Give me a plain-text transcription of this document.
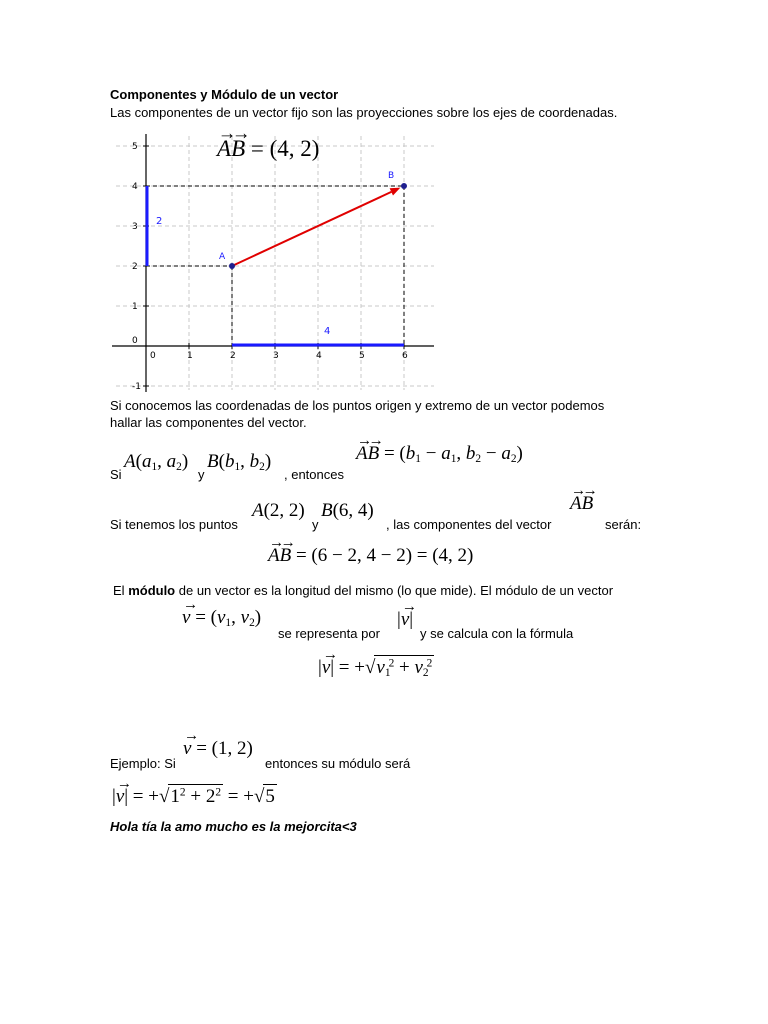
Componentes y Módulo de un vector
Las componentes de un vector fijo son las proyecciones sobre los ejes de coordenadas.
0	1	2	3	4	5	6
-1
0
1
2
3
4
5
2
4
A
B
→ A→ B = (4, 2)
Si conocemos las coordenadas de los puntos origen y extremo de un vector podemos
hallar las componentes del vector.
Si
$A(a_1$, $a_2$)
y
$B(b_1$, $b_2$)
, entonces
→ $A\to B = (b_1 - a_1$, $b_2 - a_2$)
Si tenemos los puntos
A(2, 2)
y
B(6, 4)
, las componentes del vector
→ A→ B
serán:
→ A→ B = (6 − 2, 4 − 2) = (4, 2)
El módulo de un vector es la longitud del mismo (lo que mide). El módulo de un vector
→ $v = (v_1$, $v_2$)
se representa por
|→ v|
y se calcula con la fórmula
|→ $v| = +√v_1^2 + v_2^2$
→ v = (1, 2)
Ejemplo: Si	entonces su módulo será
|→ $v| = +√1^2 + 2^2 = +√5$
Hola tía la amo mucho es la mejorcita<3
